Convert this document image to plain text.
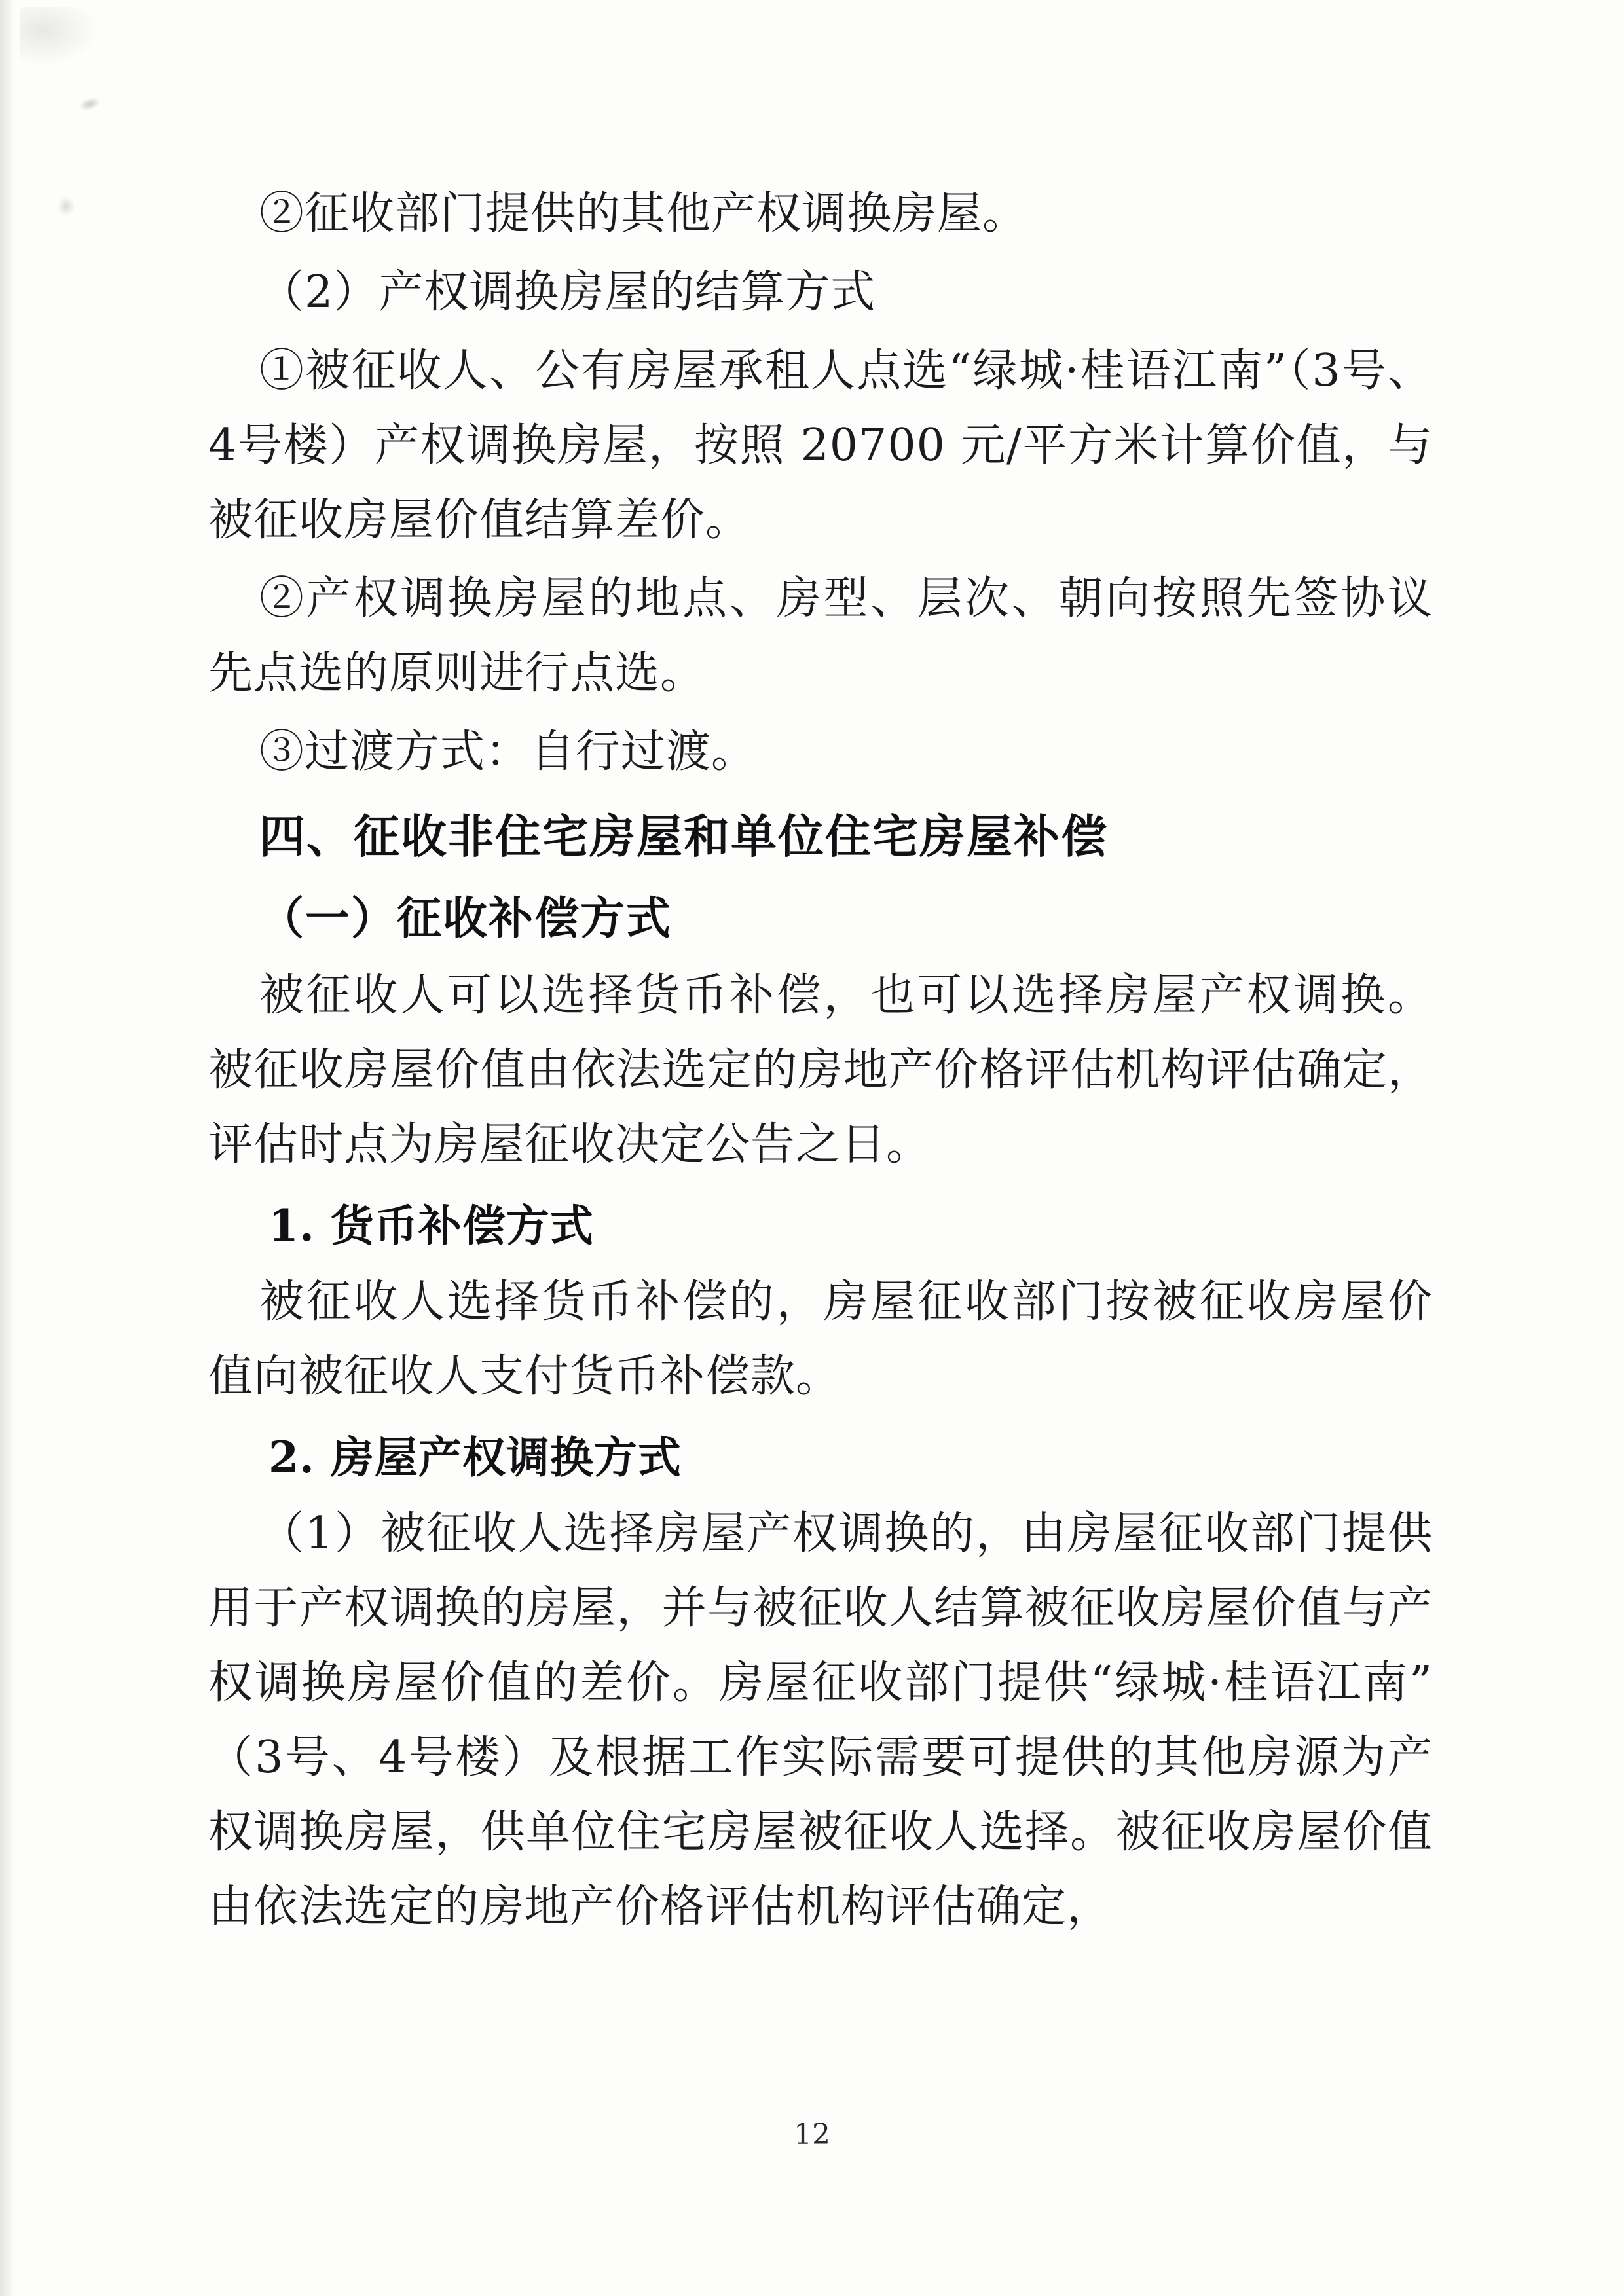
②征收部门提供的其他产权调换房屋。

（2）产权调换房屋的结算方式

①被征收人、公有房屋承租人点选“绿城·桂语江南”（3号、4号楼）产权调换房屋，按照 20700 元/平方米计算价值，与被征收房屋价值结算差价。

②产权调换房屋的地点、房型、层次、朝向按照先签协议先点选的原则进行点选。

③过渡方式：自行过渡。

四、征收非住宅房屋和单位住宅房屋补偿
（一）征收补偿方式

被征收人可以选择货币补偿，也可以选择房屋产权调换。被征收房屋价值由依法选定的房地产价格评估机构评估确定，评估时点为房屋征收决定公告之日。

1. 货币补偿方式

被征收人选择货币补偿的，房屋征收部门按被征收房屋价值向被征收人支付货币补偿款。

2. 房屋产权调换方式

（1）被征收人选择房屋产权调换的，由房屋征收部门提供用于产权调换的房屋，并与被征收人结算被征收房屋价值与产权调换房屋价值的差价。房屋征收部门提供“绿城·桂语江南”（3号、4号楼）及根据工作实际需要可提供的其他房源为产权调换房屋，供单位住宅房屋被征收人选择。被征收房屋价值由依法选定的房地产价格评估机构评估确定，

12
